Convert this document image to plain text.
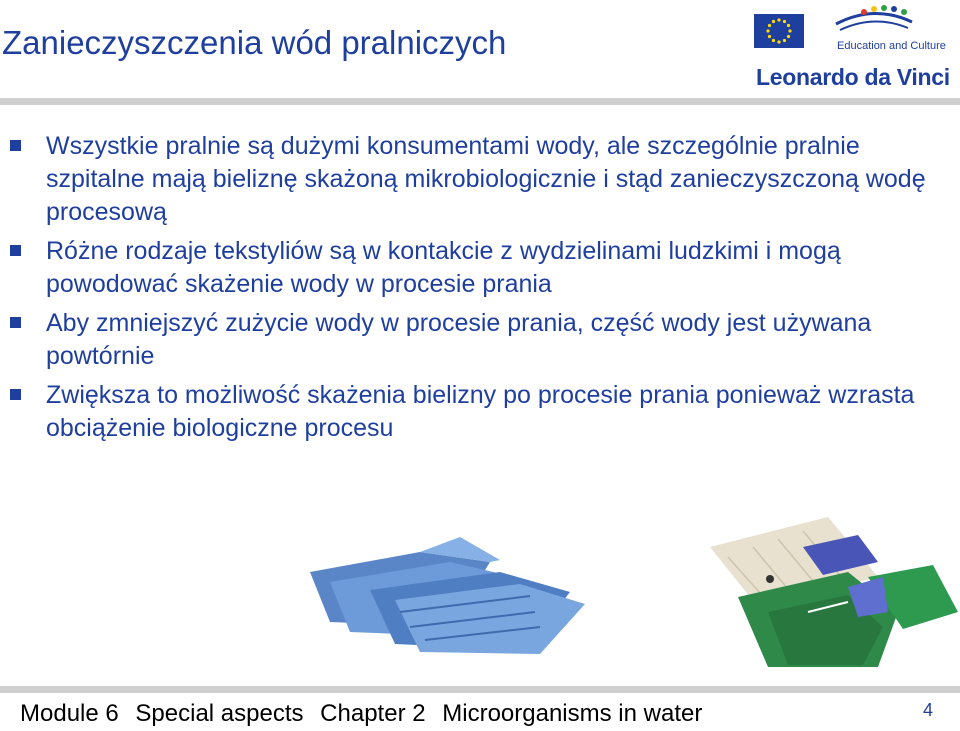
Zanieczyszczenia wód pralniczych	Education and Culture
Leonardo da Vinci
Wszystkie pralnie są dużymi konsumentami wody, ale szczególnie pralnie szpitalne mają bieliznę skażoną mikrobiologicznie i stąd zanieczyszczoną wodę procesową
Różne rodzaje tekstyliów są w kontakcie z wydzielinami ludzkimi i mogą powodować skażenie wody w procesie prania
Aby zmniejszyć zużycie wody w procesie prania, część wody jest używana powtórnie
Zwiększa to możliwość skażenia bielizny po procesie prania ponieważ wzrasta obciążenie biologiczne procesu
Module 6 Special aspects Chapter 2 Microorganisms in water	4
